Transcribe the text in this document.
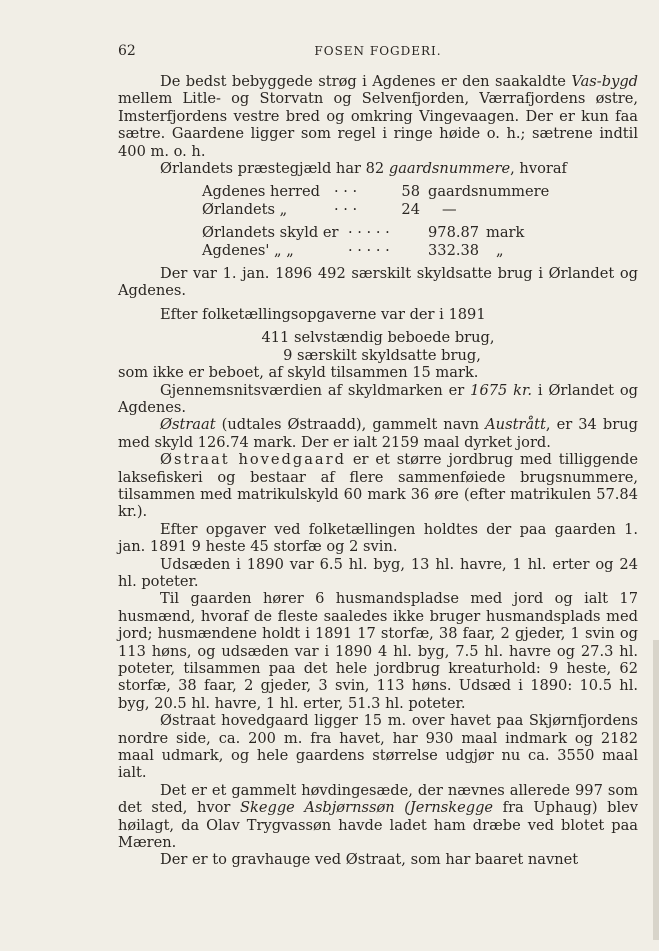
62	FOSEN FOGDERI.

De bedst bebyggede strøg i Agdenes er den saakaldte Vas-bygd mellem Litle- og Storvatn og Selvenfjorden, Værrafjordens østre, Imsterfjordens vestre bred og omkring Vingevaagen. Der er kun faa sætre. Gaardene ligger som regel i ringe høide o. h.; sætrene indtil 400 m. o. h.

Ørlandets præstegjæld har 82 gaardsnummere, hvoraf

Agdenes herred · · ·	58 gaardsnummere
Ørlandets „	· · ·	24	—
Ørlandets skyld er · · · · ·	978.87 mark
Agdenes' „ „	· · · · ·	332.38	„

Der var 1. jan. 1896 492 særskilt skyldsatte brug i Ørlandet og Agdenes.

Efter folketællingsopgaverne var der i 1891

411 selvstændig beboede brug,

9 særskilt skyldsatte brug,

som ikke er beboet, af skyld tilsammen 15 mark.

Gjennemsnitsværdien af skyldmarken er 1675 kr. i Ørlandet og Agdenes.

Østraat (udtales Østraadd), gammelt navn Austrått, er 34 brug med skyld 126.74 mark. Der er ialt 2159 maal dyrket jord.

Østraat hovedgaard er et større jordbrug med tilliggende laksefiskeri og bestaar af flere sammenføiede brugsnummere, tilsammen med matrikulskyld 60 mark 36 øre (efter matrikulen 57.84 kr.).

Efter opgaver ved folketællingen holdtes der paa gaarden 1. jan. 1891 9 heste 45 storfæ og 2 svin.

Udsæden i 1890 var 6.5 hl. byg, 13 hl. havre, 1 hl. erter og 24 hl. poteter.

Til gaarden hører 6 husmandspladse med jord og ialt 17 husmænd, hvoraf de fleste saaledes ikke bruger husmandsplads med jord; husmændene holdt i 1891 17 storfæ, 38 faar, 2 gjeder, 1 svin og 113 høns, og udsæden var i 1890 4 hl. byg, 7.5 hl. havre og 27.3 hl. poteter, tilsammen paa det hele jordbrug kreaturhold: 9 heste, 62 storfæ, 38 faar, 2 gjeder, 3 svin, 113 høns. Udsæd i 1890: 10.5 hl. byg, 20.5 hl. havre, 1 hl. erter, 51.3 hl. poteter.

Østraat hovedgaard ligger 15 m. over havet paa Skjørnfjordens nordre side, ca. 200 m. fra havet, har 930 maal indmark og 2182 maal udmark, og hele gaardens størrelse udgjør nu ca. 3550 maal ialt.

Det er et gammelt høvdingesæde, der nævnes allerede 997 som det sted, hvor Skegge Asbjørnssøn (Jernskegge fra Uphaug) blev høilagt, da Olav Trygvassøn havde ladet ham dræbe ved blotet paa Mæren.

Der er to gravhauge ved Østraat, som har baaret navnet
